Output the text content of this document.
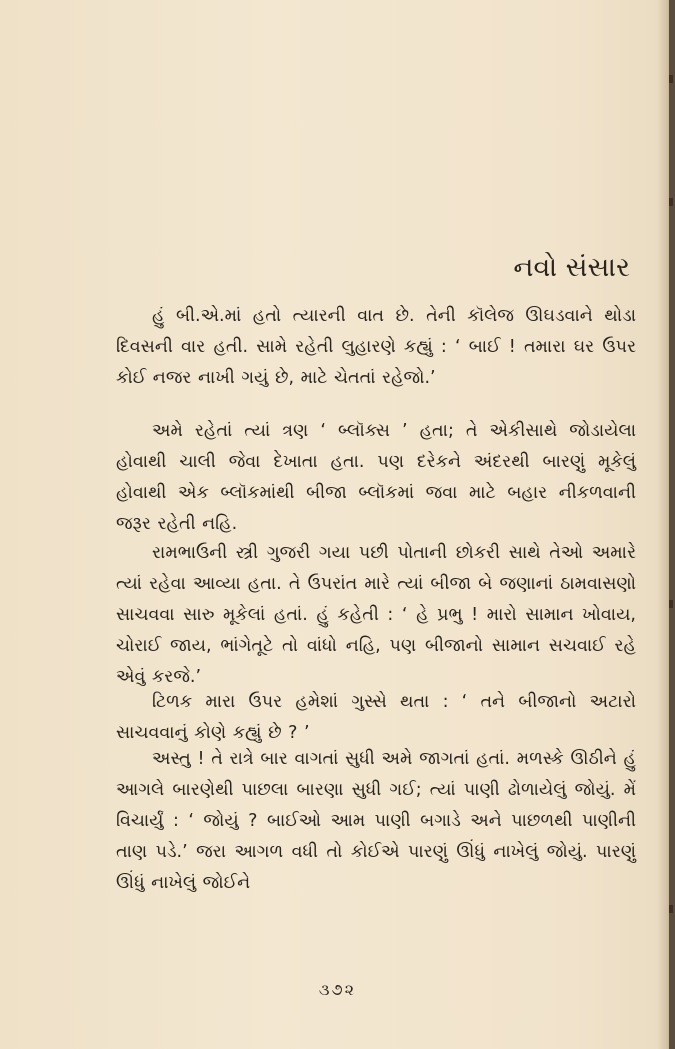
નવો સંસાર

હું બી.એ.માં હતો ત્યારની વાત છે. તેની કૉલેજ ઊઘડવાને થોડા દિવસની વાર હતી. સામે રહેતી લુહારણે કહ્યું : ‘ બાઈ ! તમારા ઘર ઉપર કોઈ નજર નાખી ગયું છે, માટે ચેતતાં રહેજો.’

અમે રહેતાં ત્યાં ત્રણ ‘ બ્લૉક્સ ’ હતા; તે એકીસાથે જોડાયેલા હોવાથી ચાલી જેવા દેખાતા હતા. પણ દરેકને અંદરથી બારણું મૂકેલું હોવાથી એક બ્લૉકમાંથી બીજા બ્લૉકમાં જવા માટે બહાર નીકળવાની જરૂર રહેતી નહિ.

રામભાઉની સ્ત્રી ગુજરી ગયા પછી પોતાની છોકરી સાથે તેઓ અમારે ત્યાં રહેવા આવ્યા હતા. તે ઉપરાંત મારે ત્યાં બીજા બે જણાનાં ઠામવાસણો સાચવવા સારુ મૂકેલાં હતાં. હું કહેતી : ‘ હે પ્રભુ ! મારો સામાન ખોવાય, ચોરાઈ જાય, ભાંગેતૂટે તો વાંધો નહિ, પણ બીજાનો સામાન સચવાઈ રહે એવું કરજે.’

ટિળક મારા ઉપર હમેશાં ગુસ્સે થતા : ‘ તને બીજાનો અટારો સાચવવાનું કોણે કહ્યું છે ? ’

અસ્તુ ! તે રાત્રે બાર વાગતાં સુધી અમે જાગતાં હતાં. મળસ્કે ઊઠીને હું આગલે બારણેથી પાછલા બારણા સુધી ગઈ; ત્યાં પાણી ઢોળાયેલું જોયું. મેં વિચાર્યું : ‘ જોયું ? બાઈઓ આમ પાણી બગાડે અને પાછળથી પાણીની તાણ પડે.’ જરા આગળ વધી તો કોઈએ પારણું ઊંધું નાખેલું જોયું. પારણું ઊંધું નાખેલું જોઈને

૩૭૨
